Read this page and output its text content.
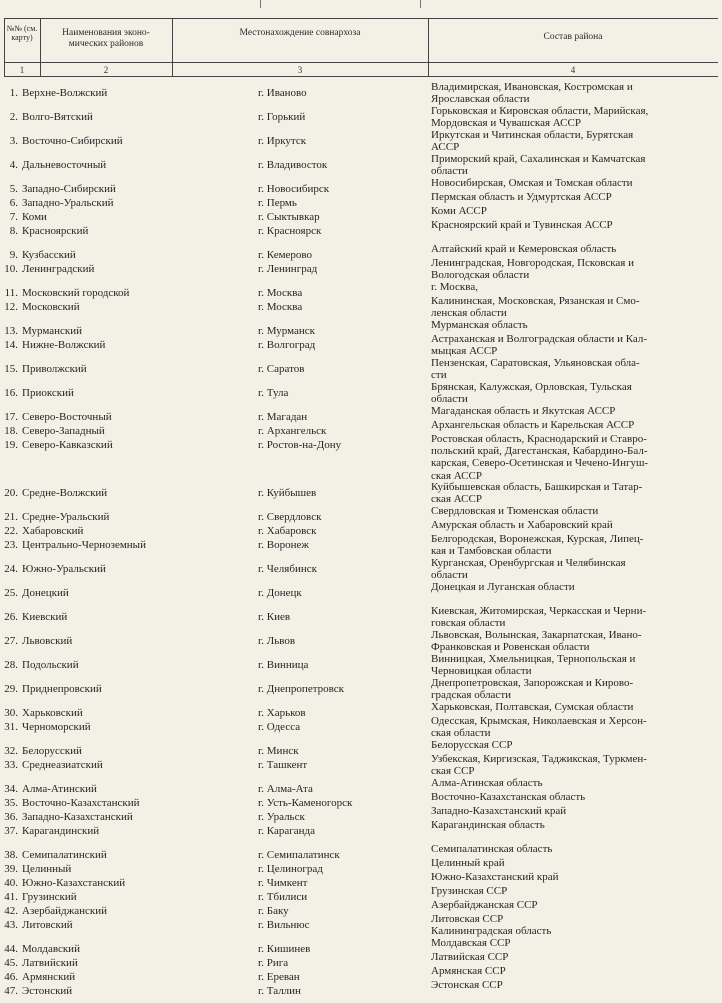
№№ (см. карту)	Наименования эконо- мических районов
Местонахождение совнархоза	Состав района
1	2	3	4
1. Верхне-Волжский	г. Иваново	Владимирская, Ивановская, Костромская и
Ярославская области
2. Волго-Вятский	г. Горький	Горьковская и Кировская области, Марийская,
Мордовская и Чувашская АССР
3. Восточно-Сибирский	г. Иркутск	Иркутская и Читинская области, Бурятская
АССР
4. Дальневосточный	г. Владивосток	Приморский край, Сахалинская и Камчатская
области
5. Западно-Сибирский	г. Новосибирск	Новосибирская, Омская и Томская области
6. Западно-Уральский	г. Пермь	Пермская область и Удмуртская АССР
7. Коми	г. Сыктывкар	Коми АССР
8. Красноярский	г. Красноярск	Красноярский край и Тувинская АССР
9. Кузбасский	г. Кемерово	Алтайский край и Кемеровская область
10. Ленинградский	г. Ленинград	Ленинградская, Новгородская, Псковская и
Вологодская области
11. Московский городской	г. Москва	г. Москва,
12. Московский	г. Москва	Калининская, Московская, Рязанская и Смо-
ленская области
13. Мурманский	г. Мурманск	Мурманская область
14. Нижне-Волжский	г. Волгоград	Астраханская и Волгоградская области и Кал-
мыцкая АССР
15. Приволжский	г. Саратов	Пензенская, Саратовская, Ульяновская обла-
сти
16. Приокский	г. Тула	Брянская, Калужская, Орловская, Тульская
области
17. Северо-Восточный	г. Магадан	Магаданская область и Якутская АССР
18. Северо-Западный	г. Архангельск	Архангельская область и Карельская АССР
19. Северо-Кавказский	г. Ростов-на-Дону	Ростовская область, Краснодарский и Ставро-
польский край, Дагестанская, Кабардино-Бал-
карская, Северо-Осетинская и Чечено-Ингуш-
ская АССР
20. Средне-Волжский	г. Куйбышев	Куйбышевская область, Башкирская и Татар-
ская АССР
21. Средне-Уральский	г. Свердловск	Свердловская и Тюменская области
22. Хабаровский	г. Хабаровск	Амурская область и Хабаровский край
23. Центрально-Черноземный	г. Воронеж	Белгородская, Воронежская, Курская, Липец-
кая и Тамбовская области
24. Южно-Уральский	г. Челябинск	Курганская, Оренбургская и Челябинская
области
25. Донецкий	г. Донецк	Донецкая и Луганская области
26. Киевский	г. Киев	Киевская, Житомирская, Черкасская и Черни-
говская области
27. Львовский	г. Львов	Львовская, Волынская, Закарпатская, Ивано-
Франковская и Ровенская области
28. Подольский	г. Винница	Винницкая, Хмельницкая, Тернопольская и
Черновицкая области
29. Приднепровский	г. Днепропетровск	Днепропетровская, Запорожская и Кирово-
градская области
30. Харьковский	г. Харьков	Харьковская, Полтавская, Сумская области
31. Черноморский	г. Одесса	Одесская, Крымская, Николаевская и Херсон-
ская области
32. Белорусский	г. Минск	Белорусская ССР
33. Среднеазиатский	г. Ташкент	Узбекская, Киргизская, Таджикская, Туркмен-
ская ССР
34. Алма-Атинский	г. Алма-Ата	Алма-Атинская область
35. Восточно-Казахстанский	г. Усть-Каменогорск	Восточно-Казахстанская область
36. Западно-Казахстанский	г. Уральск	Западно-Казахстанский край
37. Карагандинский	г. Караганда	Карагандинская область
38. Семипалатинский	г. Семипалатинск	Семипалатинская область
39. Целинный	г. Целиноград	Целинный край
40. Южно-Казахстанский	г. Чимкент	Южно-Казахстанский край
41. Грузинский	г. Тбилиси	Грузинская ССР
42. Азербайджанский	г. Баку	Азербайджанская ССР
43. Литовский	г. Вильнюс	Литовская ССР
Калининградская область
44. Молдавский	г. Кишинев	Молдавская ССР
45. Латвийский	г. Рига	Латвийская ССР
46. Армянский	г. Ереван	Армянская ССР
47. Эстонский	г. Таллин	Эстонская ССР
